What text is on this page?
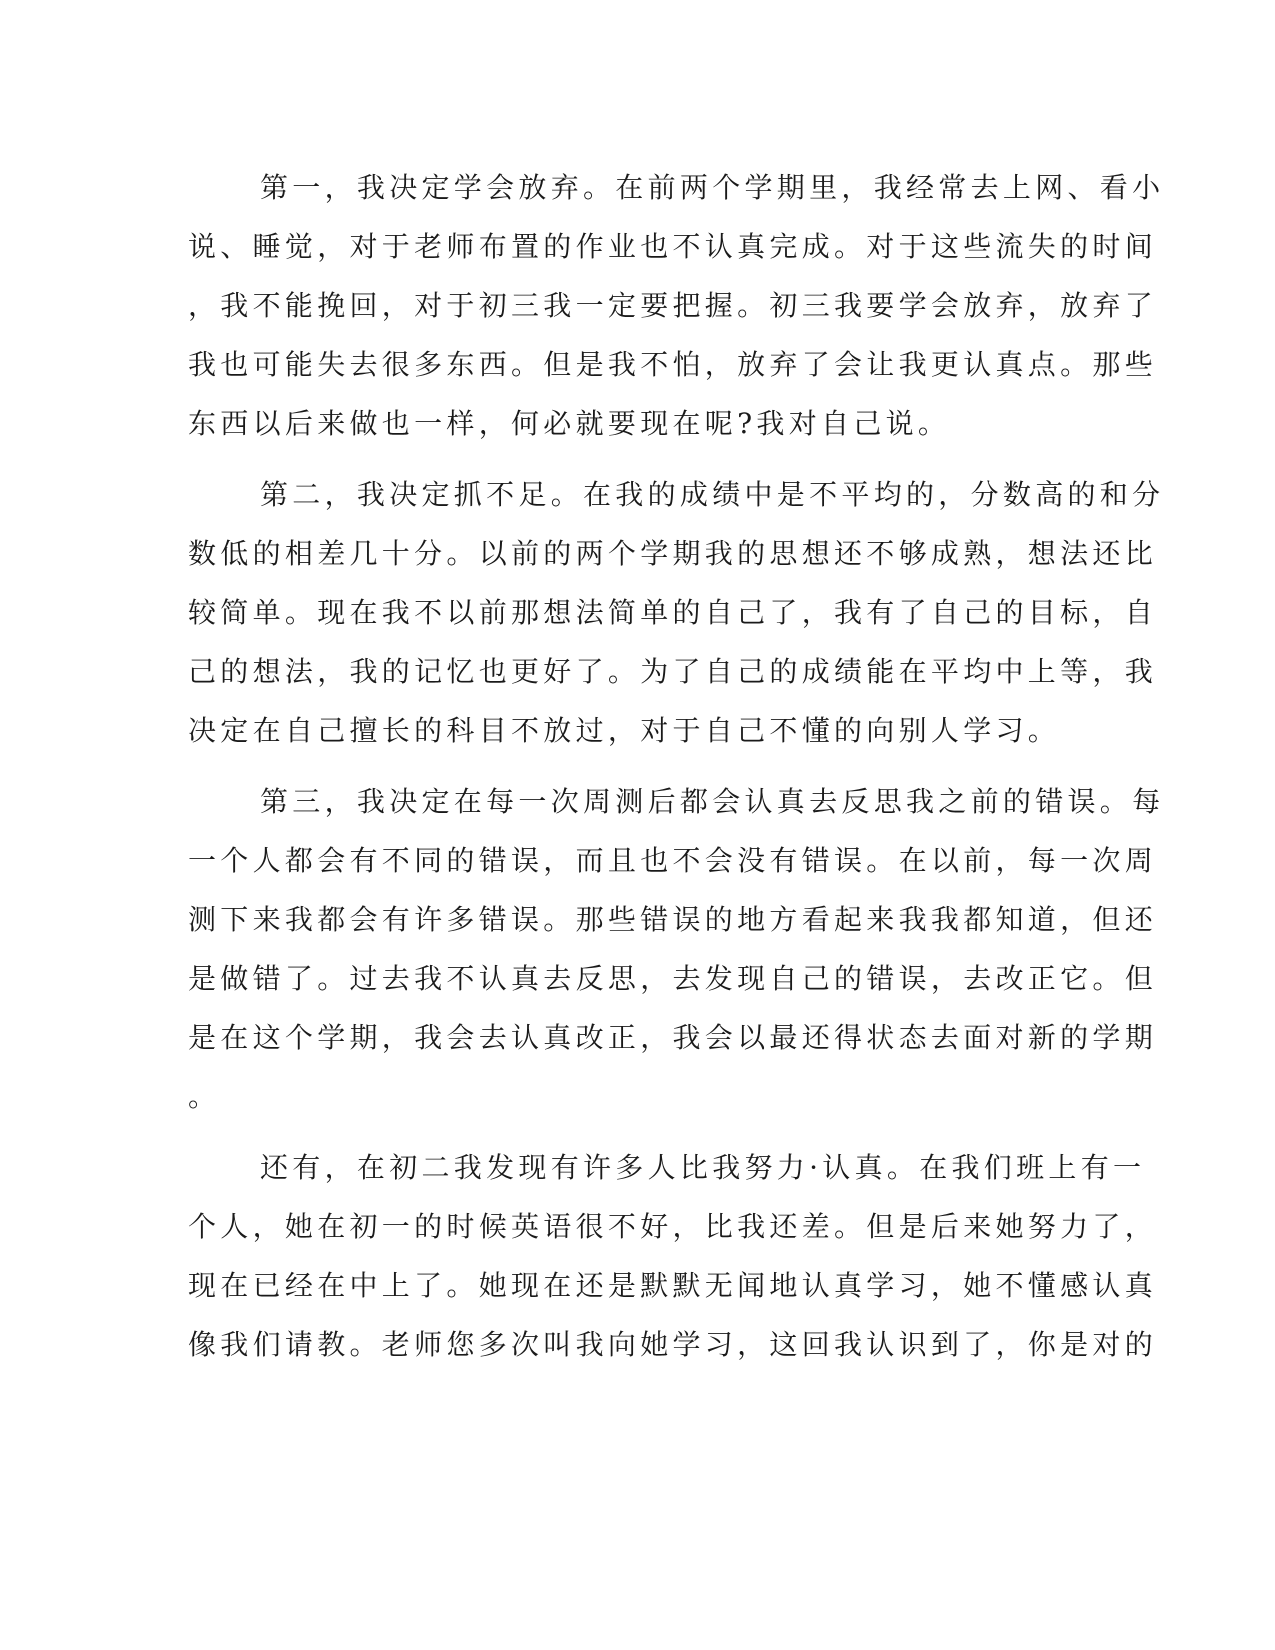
第一，我决定学会放弃。在前两个学期里，我经常去上网、看小
说、睡觉，对于老师布置的作业也不认真完成。对于这些流失的时间
，我不能挽回，对于初三我一定要把握。初三我要学会放弃，放弃了
我也可能失去很多东西。但是我不怕，放弃了会让我更认真点。那些
东西以后来做也一样，何必就要现在呢?我对自己说。
第二，我决定抓不足。在我的成绩中是不平均的，分数高的和分
数低的相差几十分。以前的两个学期我的思想还不够成熟，想法还比
较简单。现在我不以前那想法简单的自己了，我有了自己的目标，自
己的想法，我的记忆也更好了。为了自己的成绩能在平均中上等，我
决定在自己擅长的科目不放过，对于自己不懂的向别人学习。
第三，我决定在每一次周测后都会认真去反思我之前的错误。每
一个人都会有不同的错误，而且也不会没有错误。在以前，每一次周
测下来我都会有许多错误。那些错误的地方看起来我我都知道，但还
是做错了。过去我不认真去反思，去发现自己的错误，去改正它。但
是在这个学期，我会去认真改正，我会以最还得状态去面对新的学期
。
还有，在初二我发现有许多人比我努力·认真。在我们班上有一
个人，她在初一的时候英语很不好，比我还差。但是后来她努力了，
现在已经在中上了。她现在还是默默无闻地认真学习，她不懂感认真
像我们请教。老师您多次叫我向她学习，这回我认识到了，你是对的
